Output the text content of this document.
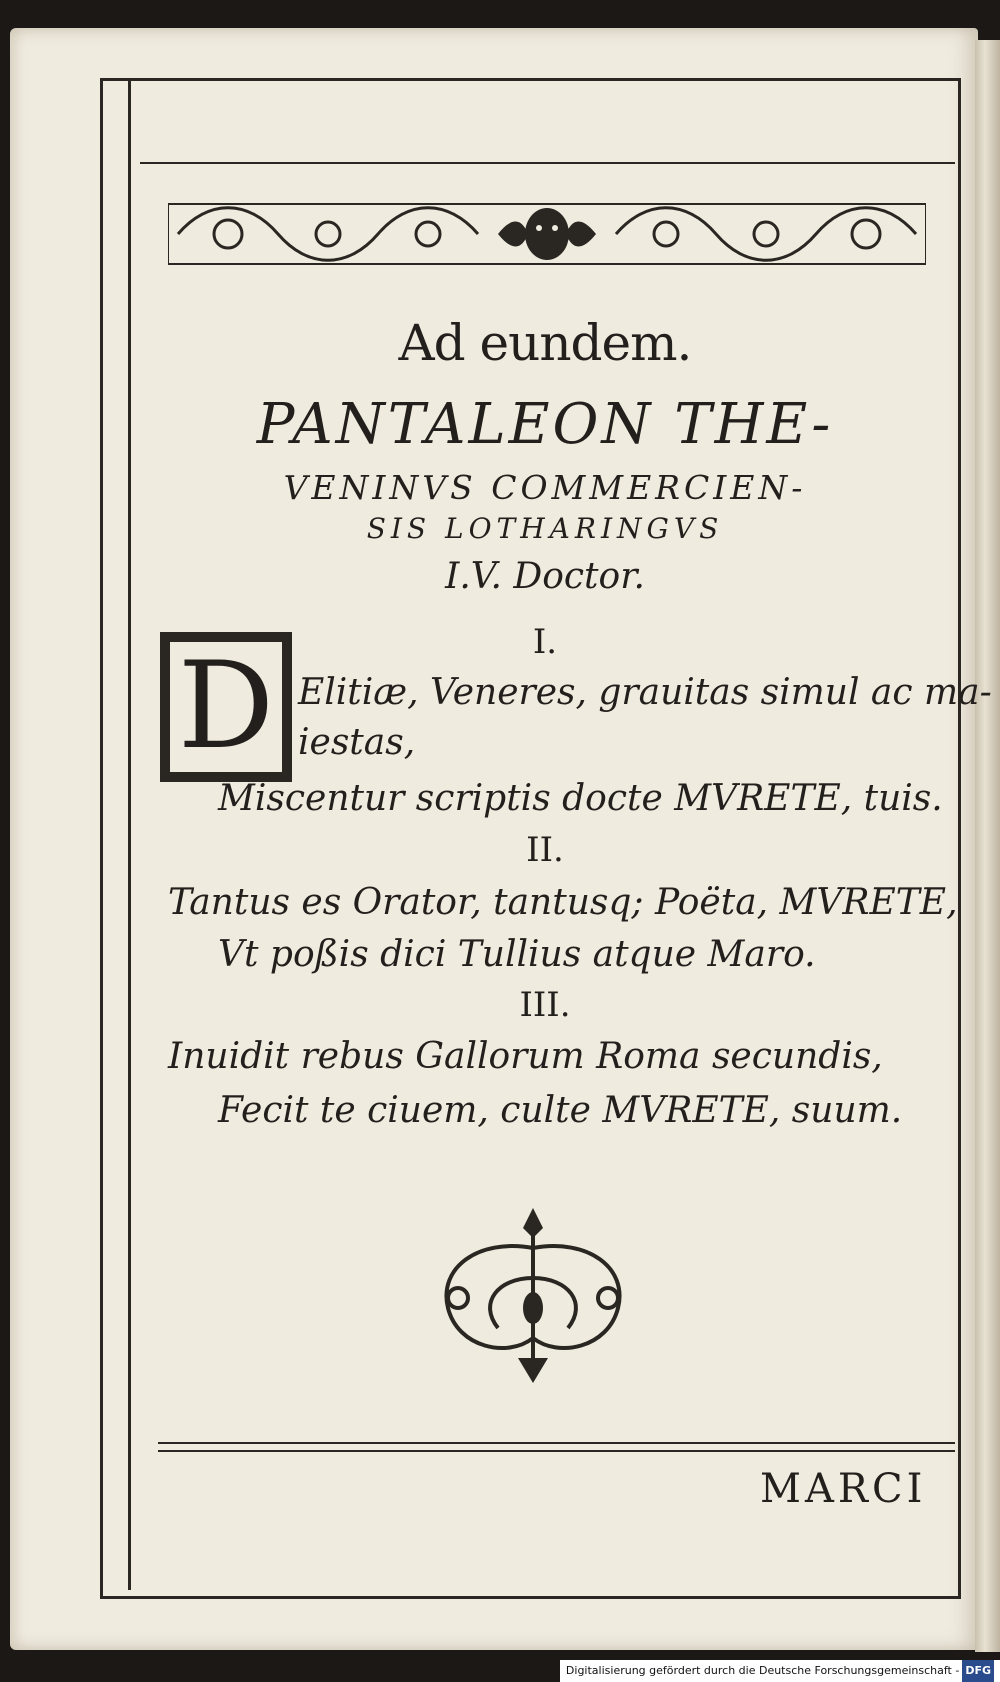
Ad eundem.
PANTALEON THE-
VENINVS COMMERCIEN-
SIS LOTHARINGVS
I.V. Doctor.
I.
D Elitiæ, Veneres, grauitas simul ac ma-
iestas,
Miscentur scriptis docte MVRETE, tuis.
II.
Tantus es Orator, tantusq; Poëta, MVRETE,
Vt poßis dici Tullius atque Maro.
III.
Inuidit rebus Gallorum Roma secundis,
Fecit te ciuem, culte MVRETE, suum.
MARCI
Digitalisierung gefördert durch die Deutsche Forschungsgemeinschaft - DFG
